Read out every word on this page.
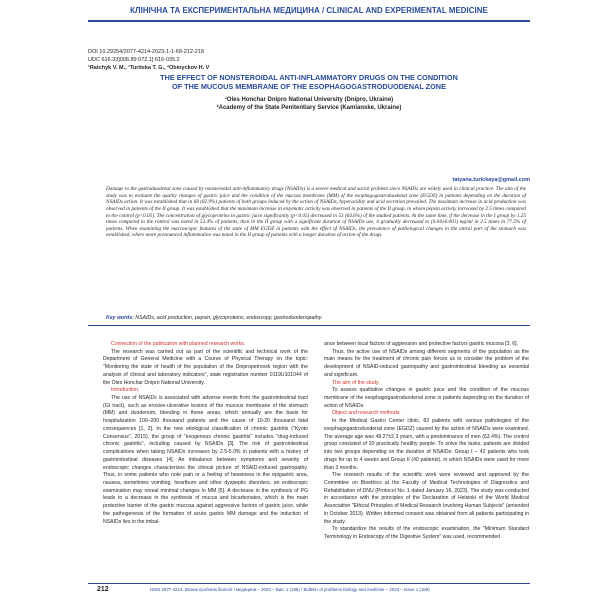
КЛІНІЧНА ТА ЕКСПЕРИМЕНТАЛЬНА МЕДИЦИНА / CLINICAL AND EXPERIMENTAL MEDICINE
DOI 10.29254/2077-4214-2023-1-1-68-212-218
UDC 616.33]008.89:072.1]:616-035.2
¹Ratchyk V. M., ¹Turitska T. G., ²Obinyckov H. V
THE EFFECT OF NONSTEROIDAL ANTI-INFLAMMATORY DRUGS ON THE CONDITION
OF THE MUCOUS MEMBRANE OF THE ESOPHAGOGASTRODUODENAL ZONE
¹Oles Honchar Dnipro National University (Dnipro, Ukraine)
²Academy of the State Penitentiary Service (Kamianske, Ukraine)
tatyana.turickaya@gmail.com
Damage to the gastroduodenal zone caused by nonsteroidal anti-inflammatory drugs (NSAIDs) is a severe medical and social problem since NSAIDs are widely used in clinical practice. The aim of the study was to evaluate the quality changes of gastric juice and the condition of the mucous membrane (MM) of the esophagogastroduodenal zone (EGDZ) in patients depending on the duration of NSAIDs action. It was established that in 68 (82.9%) patients of both groups induced by the action of NSAIDs, hyperacidity and acid secretion prevailed. The maximum increase in acid production was observed in patients of the II group. It was established that the maximum increase in enzymatic activity was observed in patients of the II group, in whom pepsin activity increased by 2.5 times compared to the control (p<0.05). The concentration of glycoproteins in gastric juice significantly (p<0.05) decreased in 53 (64.6%) of the studied patients. At the same time, if the decrease in the I group by 1.25 times compared to the control was noted in 52.4% of patients, then in the II group with a significant duration of NSAIDs use, it gradually decreased to (0.04±0.001) mg/ml in 2.5 times in 77.5% of patients. When examining the macroscopic features of the state of MM EGDZ in patients with the effect of NSAIDs, the prevalence of pathological changes in the antral part of the stomach was established, where more pronounced inflammation was noted in the II group of patients with a longer duration of action of the drugs.
Key words: NSAIDs, acid production, pepsin, glycoproteins, endoscopy, gastroduodenopathy.

Connection of the publication with planned research works.

The research was carried out as part of the scientific and technical work of the Department of General Medicine with a Course of Physical Therapy on the topic: "Monitoring the state of health of the population of the Dnipropetrovsk region with the analysis of clinical and laboratory indicators", state registration number 0119U101044 of the Oles Honchar Dnipro National University.

Introduction.

The use of NSAIDs is associated with adverse events from the gastrointestinal tract (GI tract), such as erosive-ulcerative lesions of the mucous membrane of the stomach (MM) and duodenum, bleeding in these areas, which annually are the basis for hospitalization 100–200 thousand patients and the cause of 10-20 thousand fatal consequences [1, 2]. In the new etiological classification of chronic gastritis ("Kyoto Consensus", 2015), the group of "exogenous chronic gastritis" includes "drug-induced chronic gastritis", including caused by NSAIDs [3]. The risk of gastrointestinal complications when taking NSAIDs increases by 2.5-5.0% in patients with a history of gastrointestinal diseases [4]. An imbalance between symptoms and severity of endoscopic changes characterizes the clinical picture of NSAID-induced gastropathy. Thus, in some patients who note pain or a feeling of heaviness in the epigastric area, nausea, sometimes vomiting, heartburn and other dyspeptic disorders, an endoscopic examination may reveal minimal changes in MM [5]. A decrease in the synthesis of PG leads to a decrease in the synthesis of mucus and bicarbonates, which is the main protective barrier of the gastric mucosa against aggressive factors of gastric juice, while the pathogenesis of the formation of acute gastric MM damage and the induction of NSAIDs lies in the imbal-

ance between local factors of aggression and protective factors gastric mucosa [3, 6].

Thus, the active use of NSAIDs among different segments of the population as the main means for the treatment of chronic pain forces us to consider the problem of the development of NSAID-induced gastropathy and gastrointestinal bleeding as essential and significant.

The aim of the study.

To assess qualitative changes in gastric juice and the condition of the mucous membrane of the esophagogastroduodenal zone in patients depending on the duration of action of NSAIDs.

Object and research methods.

In the Medical Gastro Center clinic, 82 patients with various pathologies of the esophagogastroduodenal zone (EGDZ) caused by the action of NSAIDs were examined. The average age was 48.27±2.3 years, with a predominance of men (63.4%). The control group consisted of 20 practically healthy people. To solve the tasks, patients are divided into two groups depending on the duration of NSAIDs: Group I – 42 patients who took drugs for up to 4 weeks and Group II (40 patients), in which NSAIDs were used for more than 3 months.

The research results of the scientific work were reviewed and approved by the Committee on Bioethics at the Faculty of Medical Technologies of Diagnostics and Rehabilitation of DNU (Protocol No. 1 dated January 16, 2023). The study was conducted in accordance with the principles of the Declaration of Helsinki of the World Medical Association "Ethical Principles of Medical Research Involving Human Subjects" (amended in October 2013). Written informed consent was obtained from all patients participating in the study.

To standardize the results of the endoscopic examination, the "Minimum Standard Terminology in Endoscopy of the Digestive System" was used, recommended

212	ISSN 2077-4214. Вісник проблем біології і медицини – 2023 – Вип. 1 (168) / Bulletin of problems biology and medicine – 2023 – Issue 1 (168)
